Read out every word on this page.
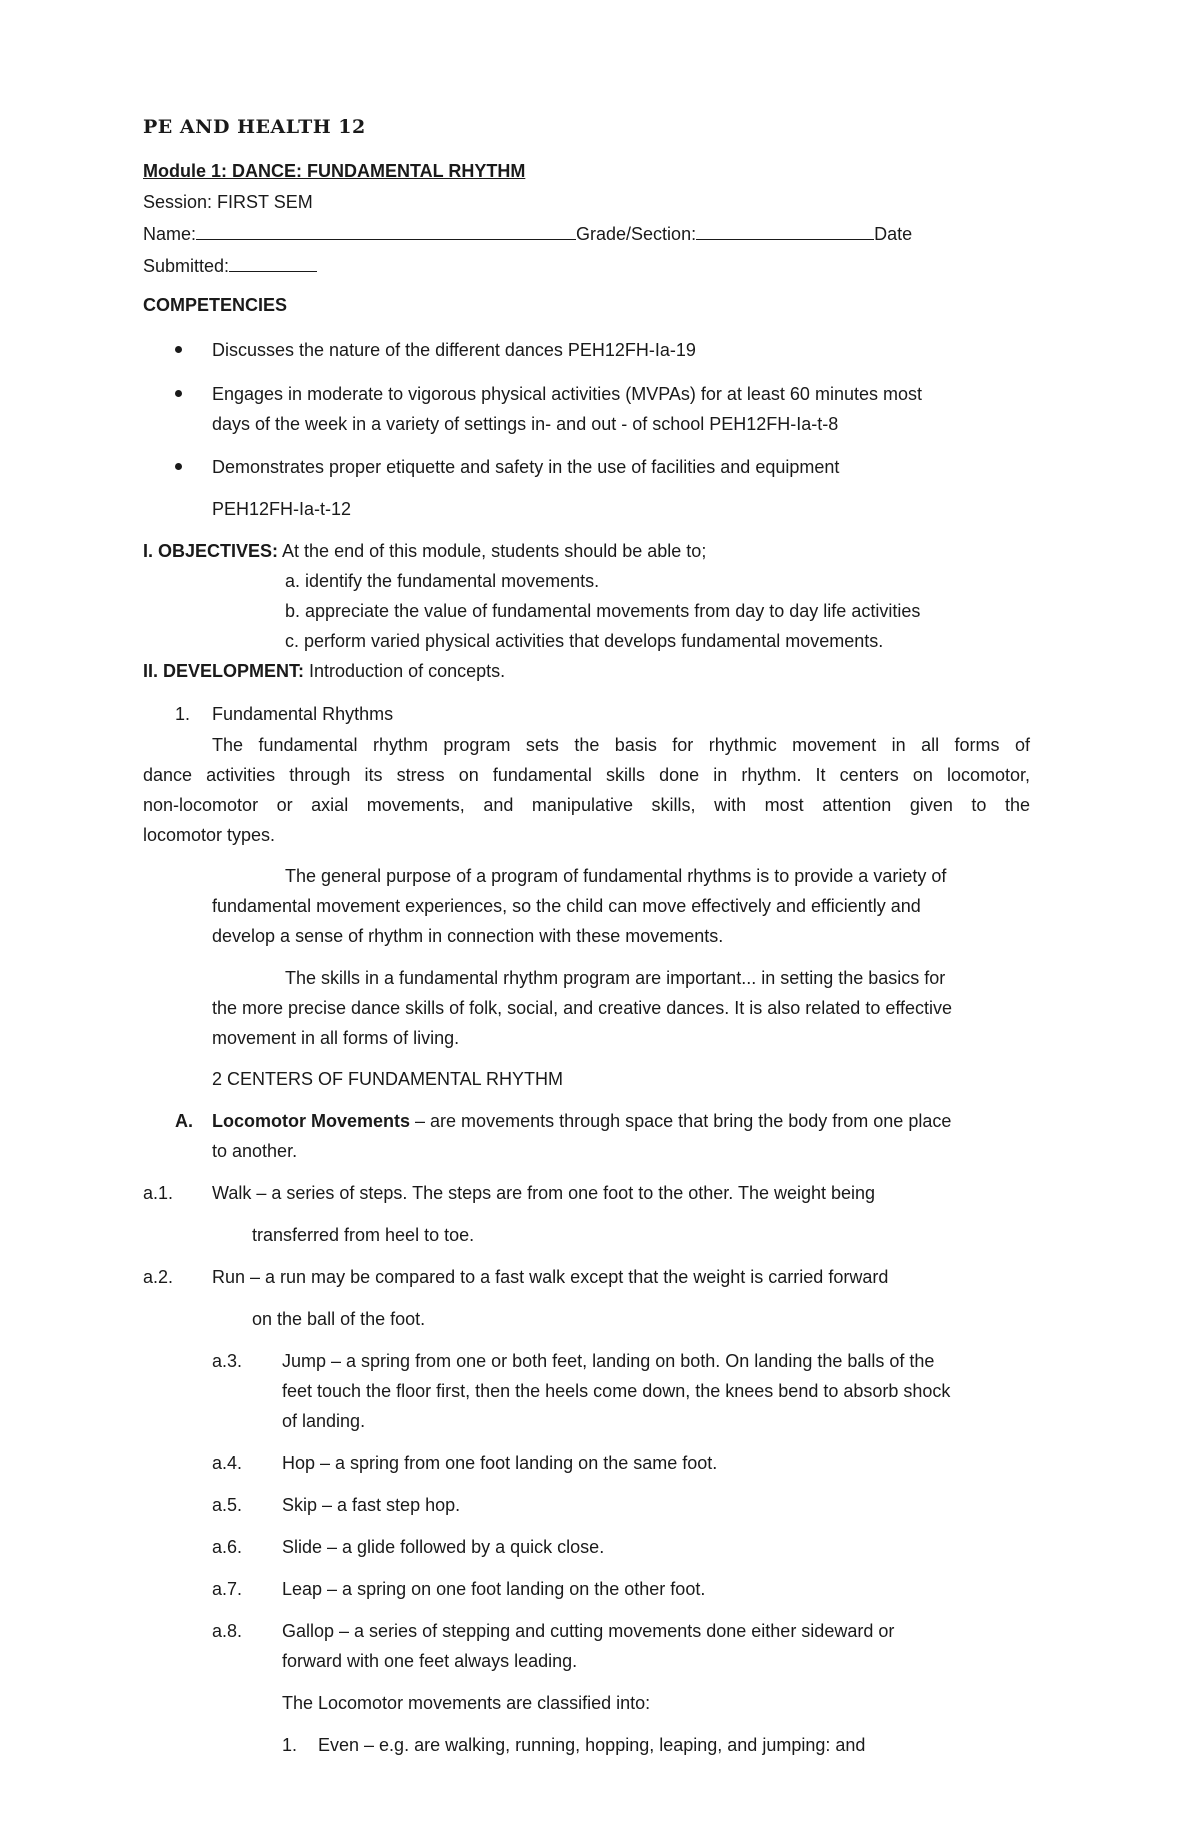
PE AND HEALTH 12
Module 1: DANCE: FUNDAMENTAL RHYTHM
Session: FIRST SEM
Name:	Grade/Section:	Date
Submitted:
COMPETENCIES
Discusses the nature of the different dances PEH12FH-Ia-19
Engages in moderate to vigorous physical activities (MVPAs) for at least 60 minutes most
days of the week in a variety of settings in- and out - of school PEH12FH-Ia-t-8
Demonstrates proper etiquette and safety in the use of facilities and equipment
PEH12FH-Ia-t-12
I. OBJECTIVES: At the end of this module, students should be able to;
a. identify the fundamental movements.
b. appreciate the value of fundamental movements from day to day life activities
c. perform varied physical activities that develops fundamental movements.
II. DEVELOPMENT: Introduction of concepts.
1. Fundamental Rhythms
The fundamental rhythm program sets the basis for rhythmic movement in all forms of
dance activities through its stress on fundamental skills done in rhythm. It centers on locomotor,
non-locomotor or axial movements, and manipulative skills, with most attention given to the
locomotor types.
The general purpose of a program of fundamental rhythms is to provide a variety of
fundamental movement experiences, so the child can move effectively and efficiently and
develop a sense of rhythm in connection with these movements.
The skills in a fundamental rhythm program are important... in setting the basics for
the more precise dance skills of folk, social, and creative dances. It is also related to effective
movement in all forms of living.
2 CENTERS OF FUNDAMENTAL RHYTHM
A. Locomotor Movements – are movements through space that bring the body from one place
to another.
a.1. Walk – a series of steps. The steps are from one foot to the other. The weight being
transferred from heel to toe.
a.2. Run – a run may be compared to a fast walk except that the weight is carried forward
on the ball of the foot.
a.3. Jump – a spring from one or both feet, landing on both. On landing the balls of the
feet touch the floor first, then the heels come down, the knees bend to absorb shock
of landing.
a.4. Hop – a spring from one foot landing on the same foot.
a.5. Skip – a fast step hop.
a.6. Slide – a glide followed by a quick close.
a.7. Leap – a spring on one foot landing on the other foot.
a.8. Gallop – a series of stepping and cutting movements done either sideward or
forward with one feet always leading.
The Locomotor movements are classified into:
1. Even – e.g. are walking, running, hopping, leaping, and jumping: and
